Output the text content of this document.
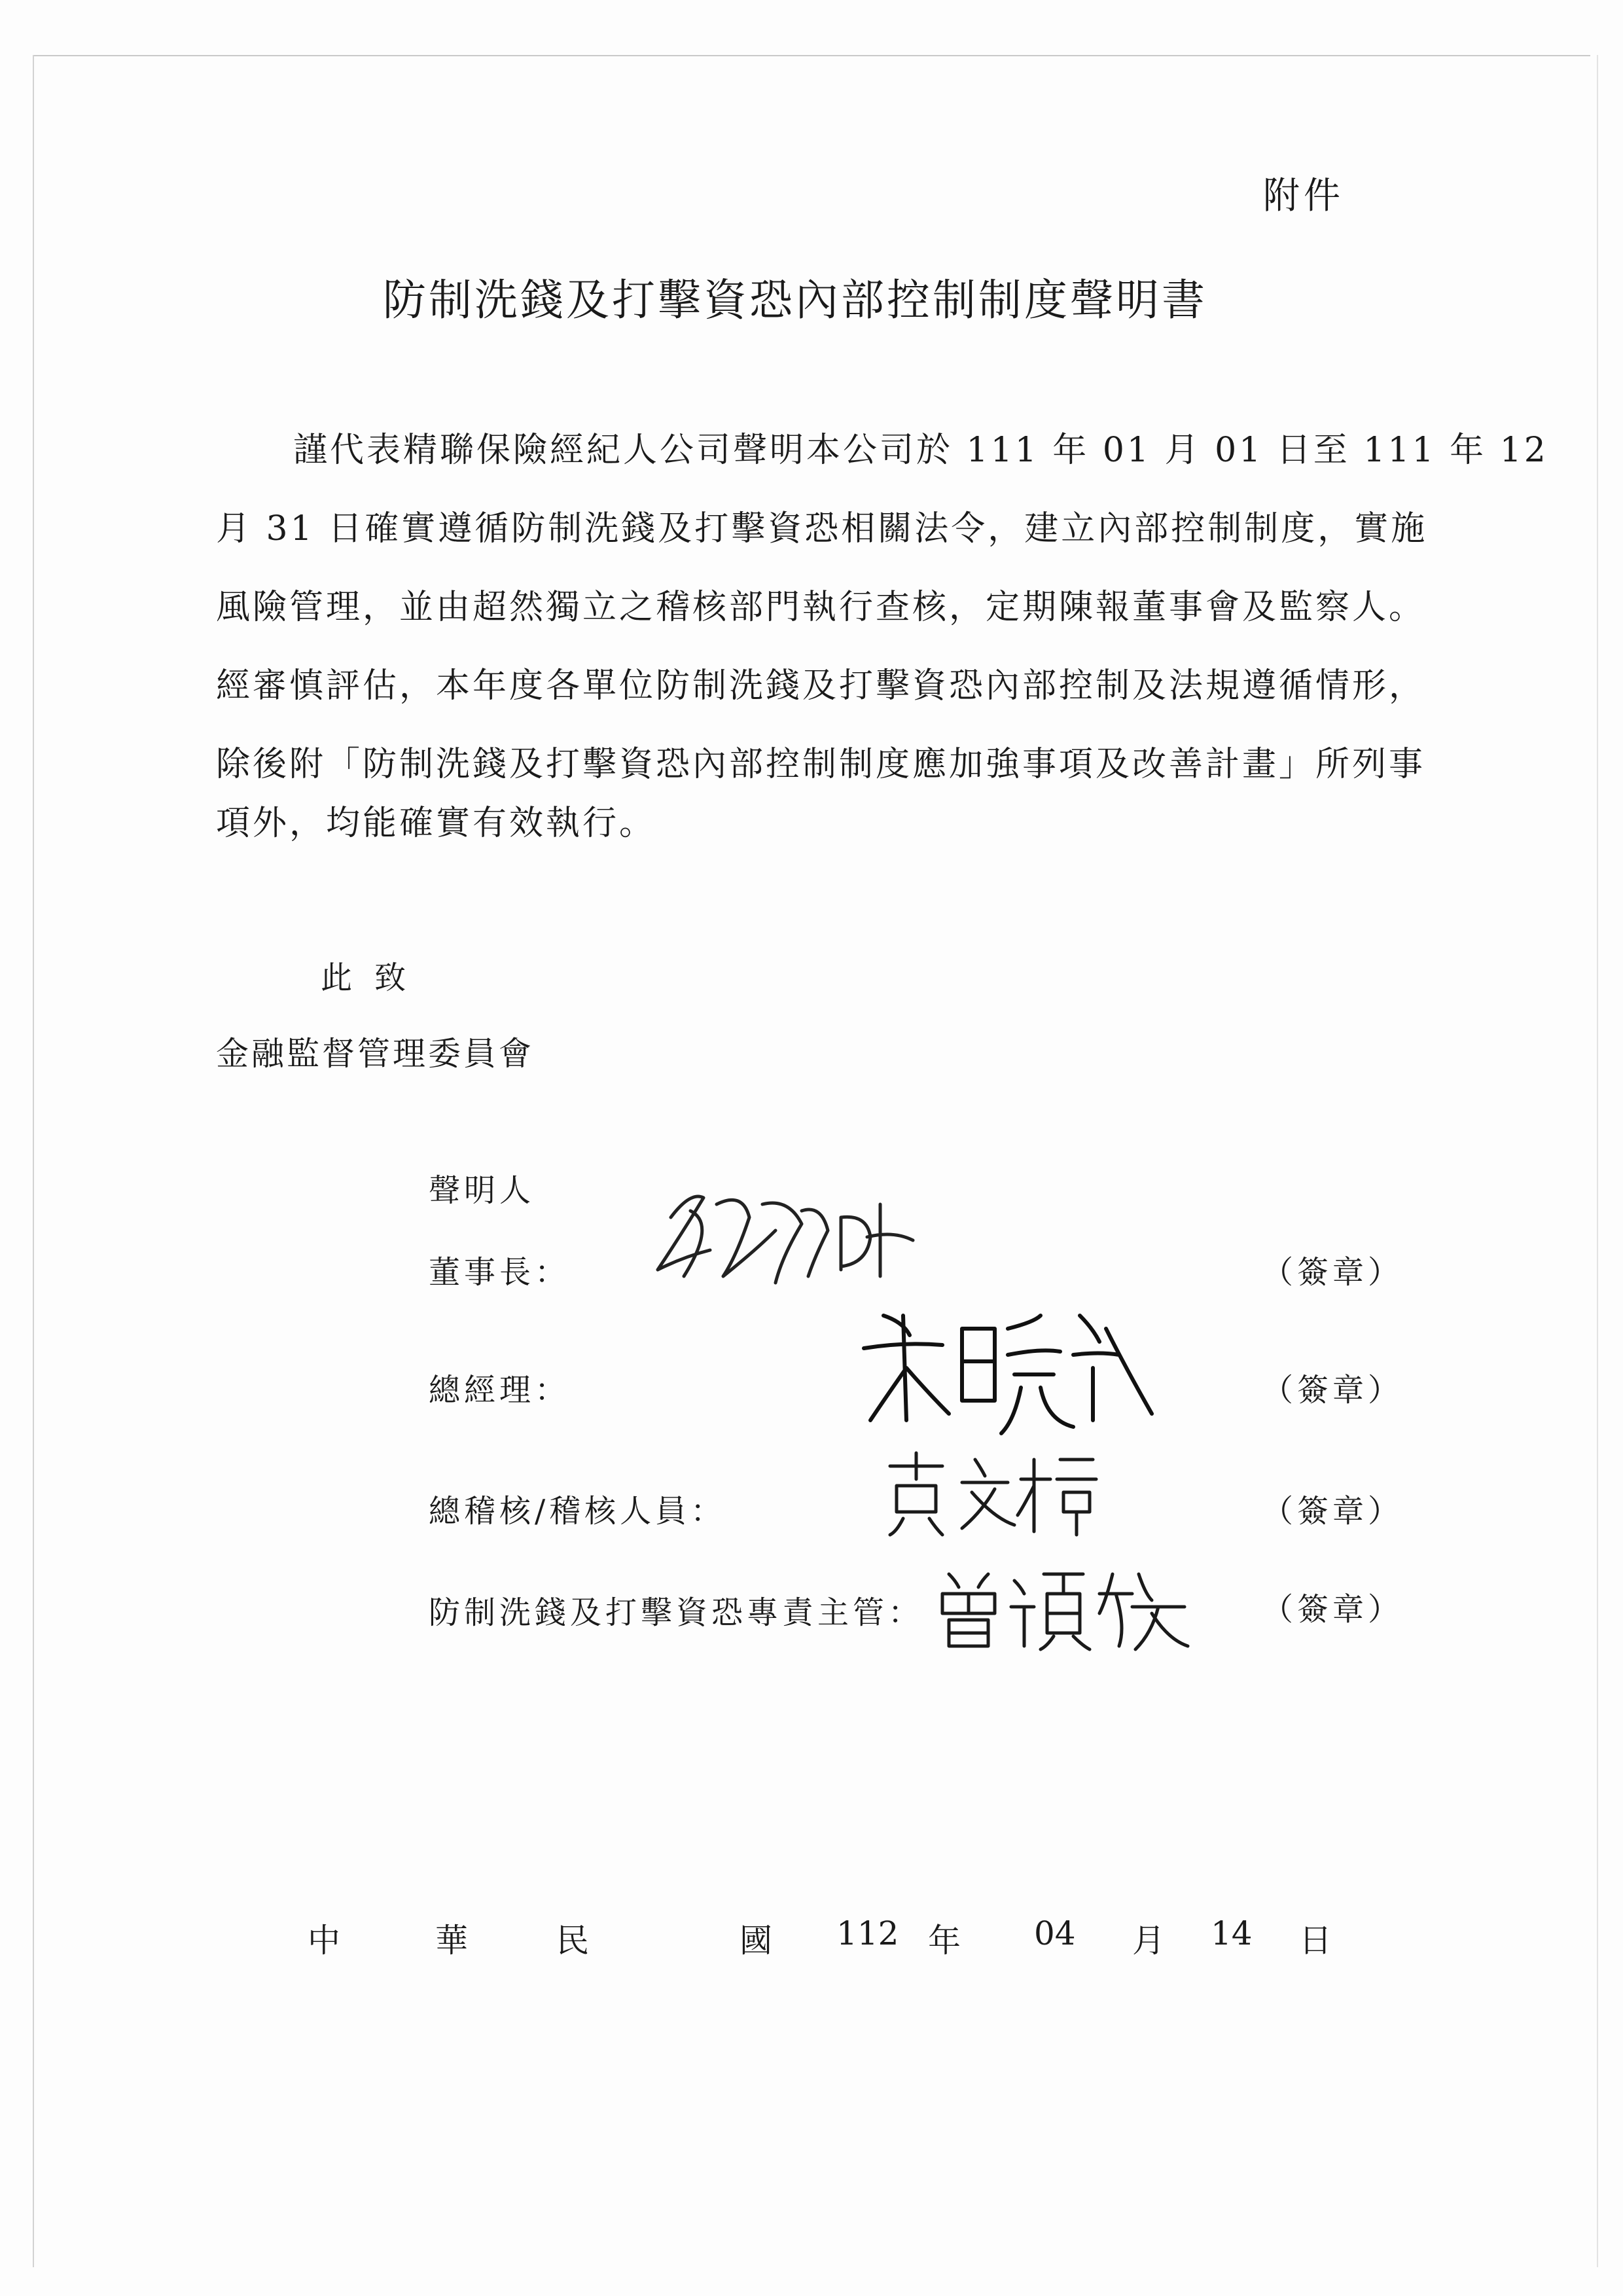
附件
防制洗錢及打擊資恐內部控制制度聲明書
謹代表精聯保險經紀人公司聲明本公司於 111 年 01 月 01 日至 111 年 12
月 31 日確實遵循防制洗錢及打擊資恐相關法令，建立內部控制制度，實施
風險管理，並由超然獨立之稽核部門執行查核，定期陳報董事會及監察人。
經審慎評估，本年度各單位防制洗錢及打擊資恐內部控制及法規遵循情形，
除後附「防制洗錢及打擊資恐內部控制制度應加強事項及改善計畫」所列事
項外，均能確實有效執行。
此致
金融監督管理委員會
聲明人
董事長：	（簽章）
總經理：	（簽章）
總稽核/稽核人員：	（簽章）
防制洗錢及打擊資恐專責主管：	（簽章）
中	華	民	國 112 年 04 月 14 日
